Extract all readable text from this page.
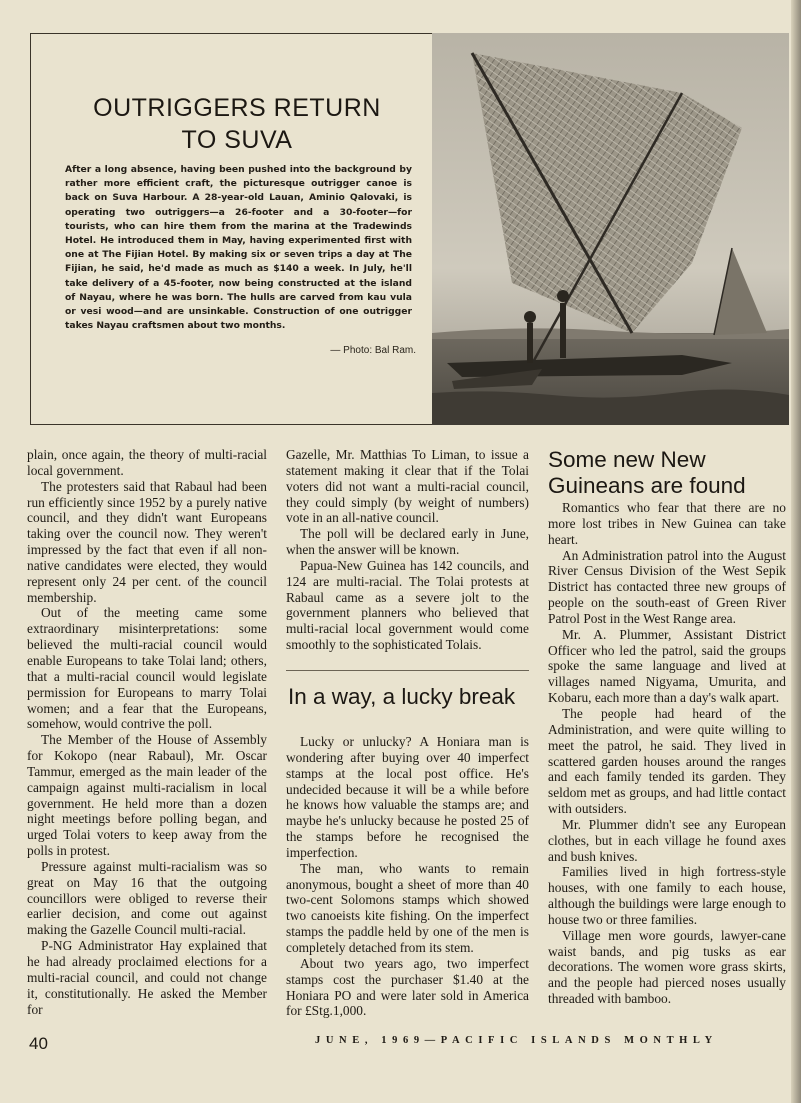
OUTRIGGERS RETURN
TO SUVA

After a long absence, having been pushed into the background by rather more efficient craft, the picturesque outrigger canoe is back on Suva Harbour. A 28-year-old Lauan, Aminio Qalovaki, is operating two outriggers—a 26-footer and a 30-footer—for tourists, who can hire them from the marina at the Tradewinds Hotel. He introduced them in May, having experimented first with one at The Fijian Hotel. By making six or seven trips a day at The Fijian, he said, he'd made as much as $140 a week. In July, he'll take delivery of a 45-footer, now being constructed at the island of Nayau, where he was born. The hulls are carved from kau vula or vesi wood—and are unsinkable. Construction of one outrigger takes Nayau craftsmen about two months.

— Photo: Bal Ram.

plain, once again, the theory of multi-racial local government.

The protesters said that Rabaul had been run efficiently since 1952 by a purely native council, and they didn't want Europeans taking over the council now. They weren't impressed by the fact that even if all non-native candidates were elected, they would represent only 24 per cent. of the council membership.

Out of the meeting came some extraordinary misinterpretations: some believed the multi-racial council would enable Europeans to take Tolai land; others, that a multi-racial council would legislate permission for Europeans to marry Tolai women; and a fear that the Europeans, somehow, would contrive the poll.

The Member of the House of Assembly for Kokopo (near Rabaul), Mr. Oscar Tammur, emerged as the main leader of the campaign against multi-racialism in local government. He held more than a dozen night meetings before polling began, and urged Tolai voters to keep away from the polls in protest.

Pressure against multi-racialism was so great on May 16 that the outgoing councillors were obliged to reverse their earlier decision, and come out against making the Gazelle Council multi-racial.

P-NG Administrator Hay explained that he had already proclaimed elections for a multi-racial council, and could not change it, constitutionally. He asked the Member for

Gazelle, Mr. Matthias To Liman, to issue a statement making it clear that if the Tolai voters did not want a multi-racial council, they could simply (by weight of numbers) vote in an all-native council.

The poll will be declared early in June, when the answer will be known.

Papua-New Guinea has 142 councils, and 124 are multi-racial. The Tolai protests at Rabaul came as a severe jolt to the government planners who believed that multi-racial local government would come smoothly to the sophisticated Tolais.

In a way, a lucky break

Lucky or unlucky? A Honiara man is wondering after buying over 40 imperfect stamps at the local post office. He's undecided because it will be a while before he knows how valuable the stamps are; and maybe he's unlucky because he posted 25 of the stamps before he recognised the imperfection.

The man, who wants to remain anonymous, bought a sheet of more than 40 two-cent Solomons stamps which showed two canoeists kite fishing. On the imperfect stamps the paddle held by one of the men is completely detached from its stem.

About two years ago, two imperfect stamps cost the purchaser $1.40 at the Honiara PO and were later sold in America for £Stg.1,000.

Some new New Guineans are found

Romantics who fear that there are no more lost tribes in New Guinea can take heart.

An Administration patrol into the August River Census Division of the West Sepik District has contacted three new groups of people on the south-east of Green River Patrol Post in the West Range area.

Mr. A. Plummer, Assistant District Officer who led the patrol, said the groups spoke the same language and lived at villages named Nigyama, Umurita, and Kobaru, each more than a day's walk apart.

The people had heard of the Administration, and were quite willing to meet the patrol, he said. They lived in scattered garden houses around the ranges and each family tended its garden. They seldom met as groups, and had little contact with outsiders.

Mr. Plummer didn't see any European clothes, but in each village he found axes and bush knives.

Families lived in high fortress-style houses, with one family to each house, although the buildings were large enough to house two or three families.

Village men wore gourds, lawyer-cane waist bands, and pig tusks as ear decorations. The women wore grass skirts, and the people had pierced noses usually threaded with bamboo.

40	JUNE, 1969—PACIFIC ISLANDS MONTHLY
